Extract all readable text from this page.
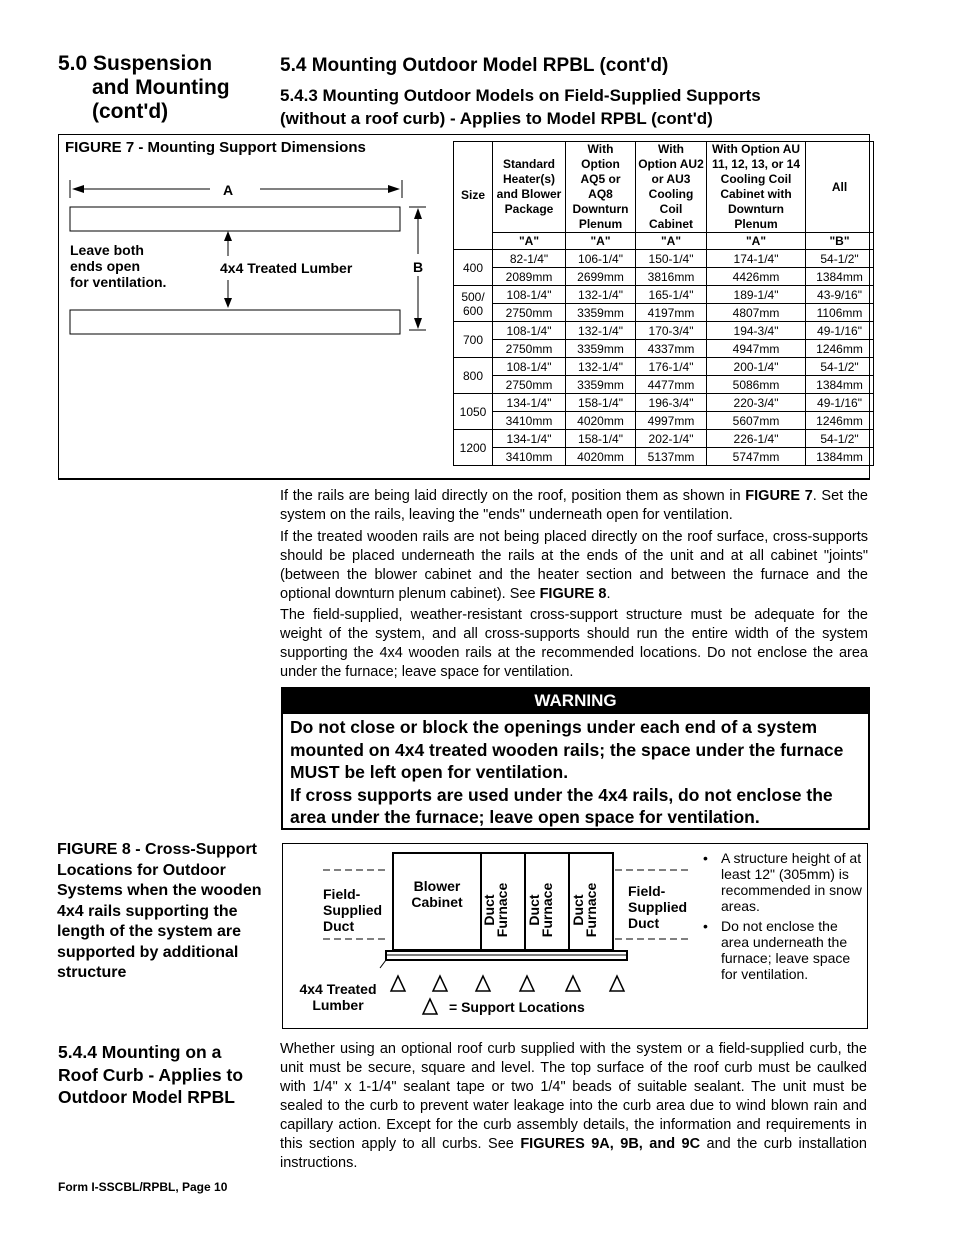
5.0 Suspension
and Mounting
(cont'd)
5.4 Mounting Outdoor Model RPBL (cont'd)
5.4.3 Mounting Outdoor Models on Field-Supplied Supports
(without a roof curb) - Applies to Model RPBL (cont'd)
FIGURE 7 - Mounting Support Dimensions
A
B
Leave both
ends open
for ventilation.
4x4 Treated Lumber
Size	Standard Heater(s) and Blower Package	With Option AQ5 or AQ8 Downturn Plenum	With Option AU2 or AU3 Cooling Coil Cabinet	With Option AU 11, 12, 13, or 14 Cooling Coil Cabinet with Downturn Plenum	All
	"A"	"A"	"A"	"A"	"B"
400	82-1/4"	106-1/4"	150-1/4"	174-1/4"	54-1/2"
	2089mm	2699mm	3816mm	4426mm	1384mm
500/ 600	108-1/4"	132-1/4"	165-1/4"	189-1/4"	43-9/16"
	2750mm	3359mm	4197mm	4807mm	1106mm
700	108-1/4"	132-1/4"	170-3/4"	194-3/4"	49-1/16"
	2750mm	3359mm	4337mm	4947mm	1246mm
800	108-1/4"	132-1/4"	176-1/4"	200-1/4"	54-1/2"
	2750mm	3359mm	4477mm	5086mm	1384mm
1050	134-1/4"	158-1/4"	196-3/4"	220-3/4"	49-1/16"
	3410mm	4020mm	4997mm	5607mm	1246mm
1200	134-1/4"	158-1/4"	202-1/4"	226-1/4"	54-1/2"
	3410mm	4020mm	5137mm	5747mm	1384mm
If the rails are being laid directly on the roof, position them as shown in FIGURE 7. Set the system on the rails, leaving the "ends" underneath open for ventilation.
If the treated wooden rails are not being placed directly on the roof surface, cross-supports should be placed underneath the rails at the ends of the unit and at all cabinet "joints" (between the blower cabinet and the heater section and between the furnace and the optional downturn plenum cabinet). See FIGURE 8.
The field-supplied, weather-resistant cross-support structure must be adequate for the weight of the system, and all cross-supports should run the entire width of the system supporting the 4x4 wooden rails at the recommended locations. Do not enclose the area under the furnace; leave space for ventilation.
WARNING
Do not close or block the openings under each end of a system mounted on 4x4 treated wooden rails; the space under the furnace MUST be left open for ventilation.
If cross supports are used under the 4x4 rails, do not enclose the area under the furnace; leave open space for ventilation.
FIGURE 8 - Cross-Support Locations for Outdoor Systems when the wooden 4x4 rails supporting the length of the system are supported by additional structure
Field-
Supplied
Duct
Blower
Cabinet	Duct
Furnace Duct
Furnace Duct
Furnace Field-
Supplied
Duct
4x4 Treated
Lumber	= Support Locations
• A structure height of at least 12" (305mm) is recommended in snow areas.
• Do not enclose the area underneath the furnace; leave space for ventilation.
5.4.4 Mounting on a Roof Curb - Applies to Outdoor Model RPBL
Whether using an optional roof curb supplied with the system or a field-supplied curb, the unit must be secure, square and level. The top surface of the roof curb must be caulked with 1/4" x 1-1/4" sealant tape or two 1/4" beads of suitable sealant. The unit must be sealed to the curb to prevent water leakage into the curb area due to wind blown rain and capillary action. Except for the curb assembly details, the information and requirements in this section apply to all curbs. See FIGURES 9A, 9B, and 9C and the curb installation instructions.
Form I-SSCBL/RPBL, Page 10
